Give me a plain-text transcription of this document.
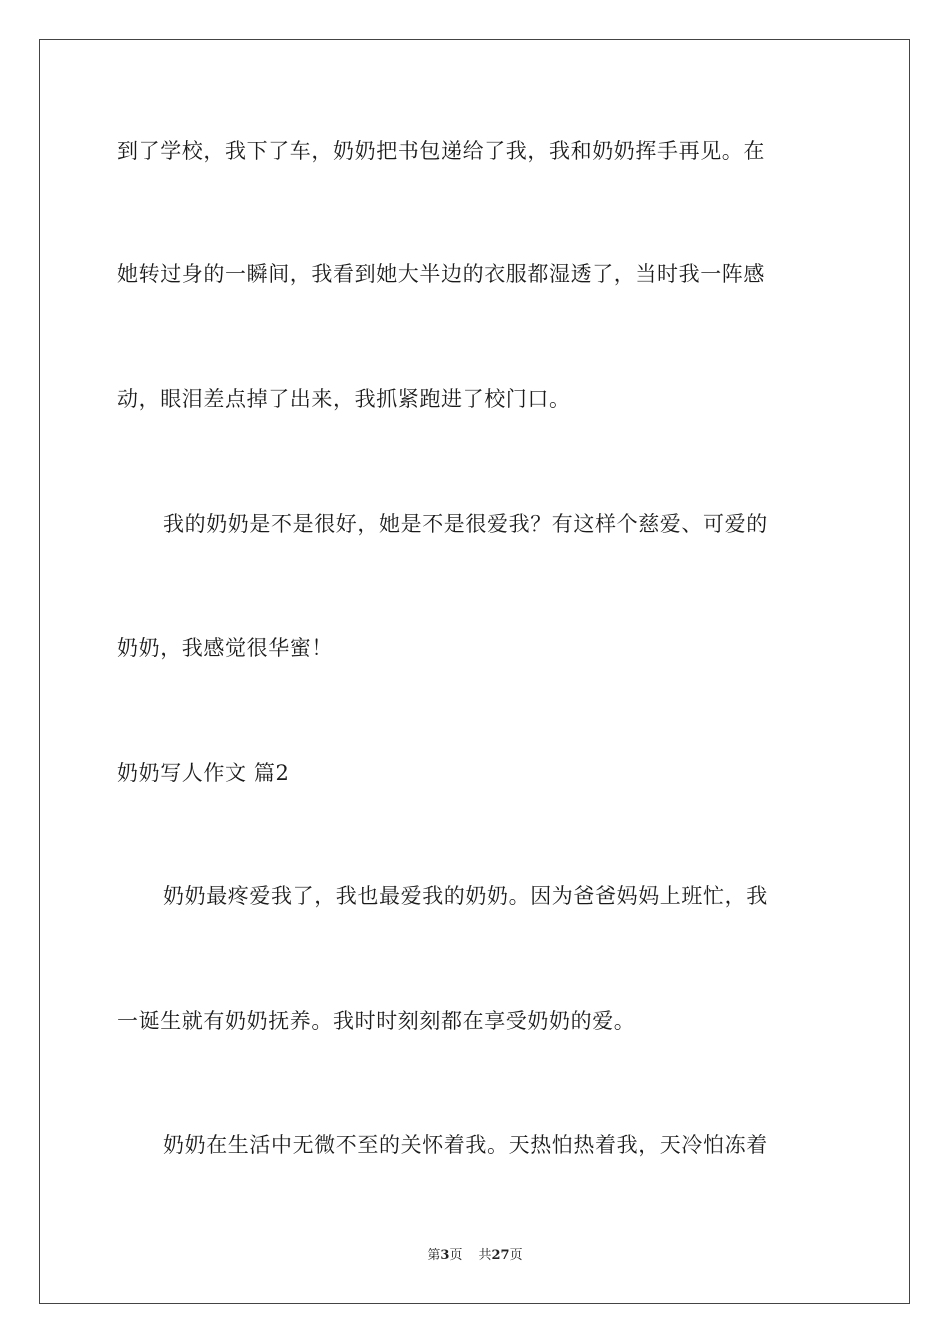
到了学校，我下了车，奶奶把书包递给了我，我和奶奶挥手再见。在
她转过身的一瞬间，我看到她大半边的衣服都湿透了，当时我一阵感
动，眼泪差点掉了出来，我抓紧跑进了校门口。
我的奶奶是不是很好，她是不是很爱我？有这样个慈爱、可爱的
奶奶，我感觉很华蜜！
奶奶写人作文 篇2
奶奶最疼爱我了，我也最爱我的奶奶。因为爸爸妈妈上班忙，我
一诞生就有奶奶抚养。我时时刻刻都在享受奶奶的爱。
奶奶在生活中无微不至的关怀着我。天热怕热着我，天冷怕冻着
第3页 共27页
